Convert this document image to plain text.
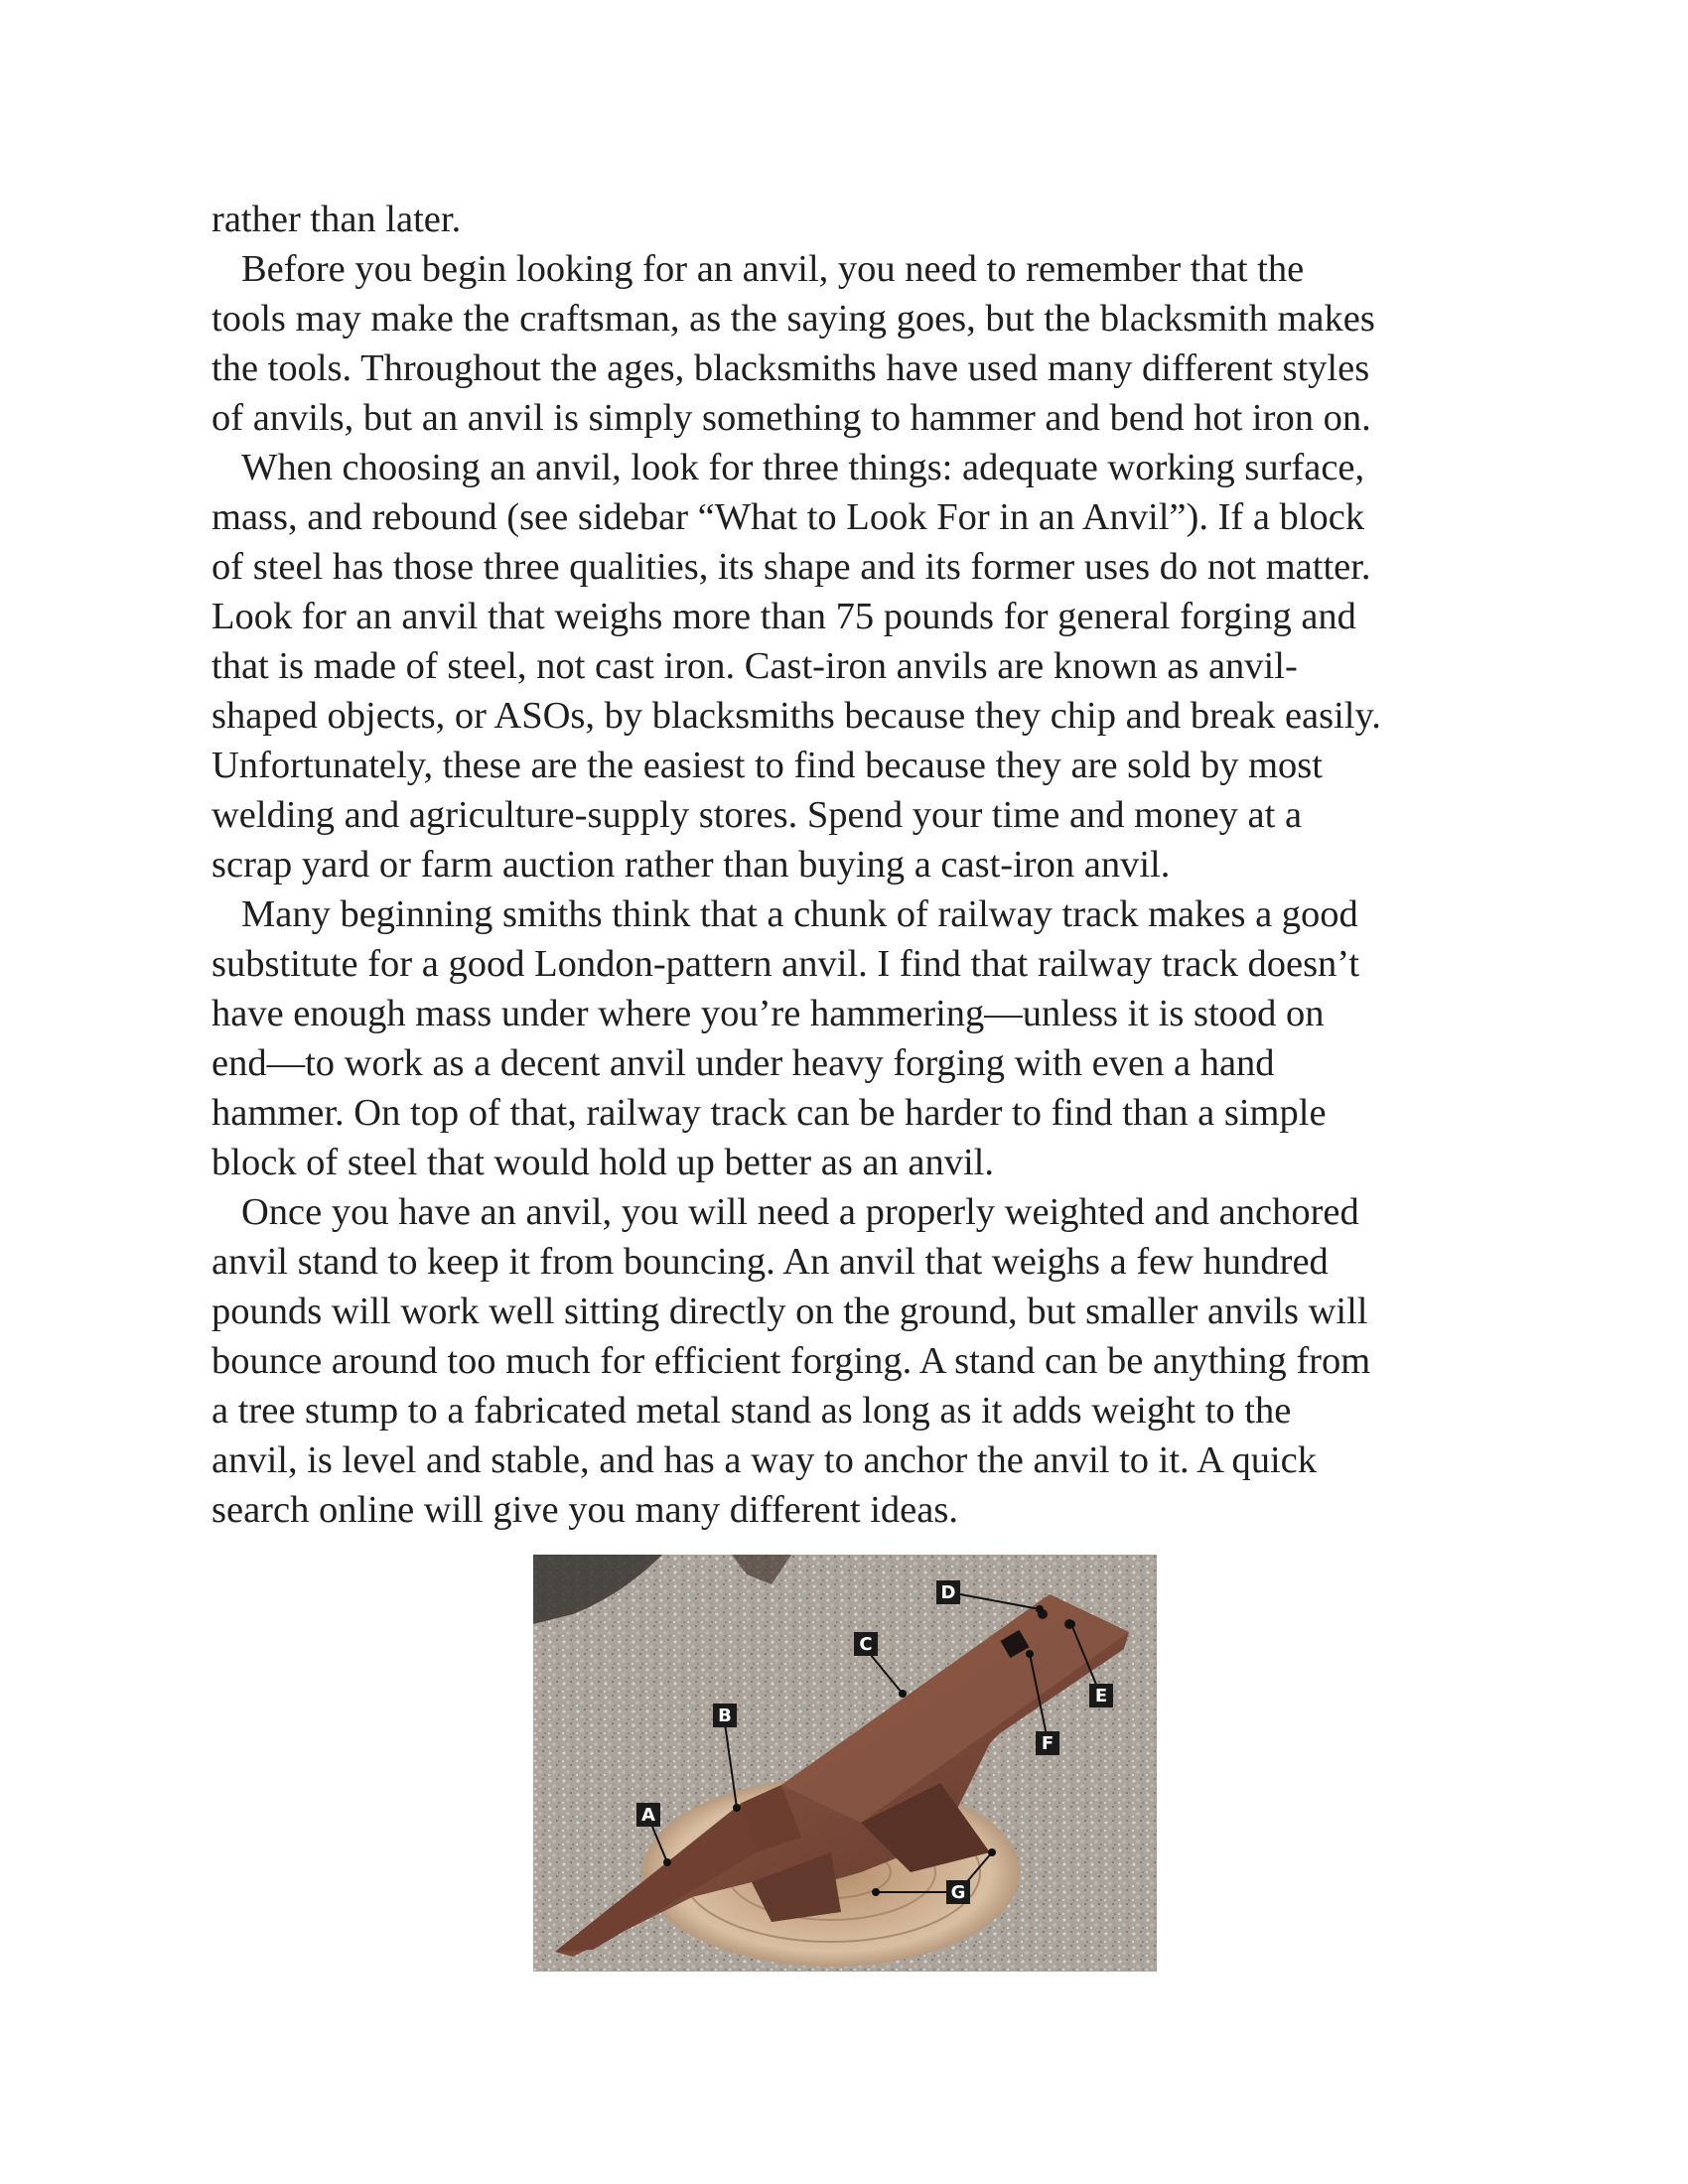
rather than later.
Before you begin looking for an anvil, you need to remember that the
tools may make the craftsman, as the saying goes, but the blacksmith makes
the tools. Throughout the ages, blacksmiths have used many different styles
of anvils, but an anvil is simply something to hammer and bend hot iron on.
When choosing an anvil, look for three things: adequate working surface,
mass, and rebound (see sidebar “What to Look For in an Anvil”). If a block
of steel has those three qualities, its shape and its former uses do not matter.
Look for an anvil that weighs more than 75 pounds for general forging and
that is made of steel, not cast iron. Cast-iron anvils are known as anvil-
shaped objects, or ASOs, by blacksmiths because they chip and break easily.
Unfortunately, these are the easiest to find because they are sold by most
welding and agriculture-supply stores. Spend your time and money at a
scrap yard or farm auction rather than buying a cast-iron anvil.
Many beginning smiths think that a chunk of railway track makes a good
substitute for a good London-pattern anvil. I find that railway track doesn’t
have enough mass under where you’re hammering—unless it is stood on
end—to work as a decent anvil under heavy forging with even a hand
hammer. On top of that, railway track can be harder to find than a simple
block of steel that would hold up better as an anvil.
Once you have an anvil, you will need a properly weighted and anchored
anvil stand to keep it from bouncing. An anvil that weighs a few hundred
pounds will work well sitting directly on the ground, but smaller anvils will
bounce around too much for efficient forging. A stand can be anything from
a tree stump to a fabricated metal stand as long as it adds weight to the
anvil, is level and stable, and has a way to anchor the anvil to it. A quick
search online will give you many different ideas.
A
B
C
D
E
F
G
